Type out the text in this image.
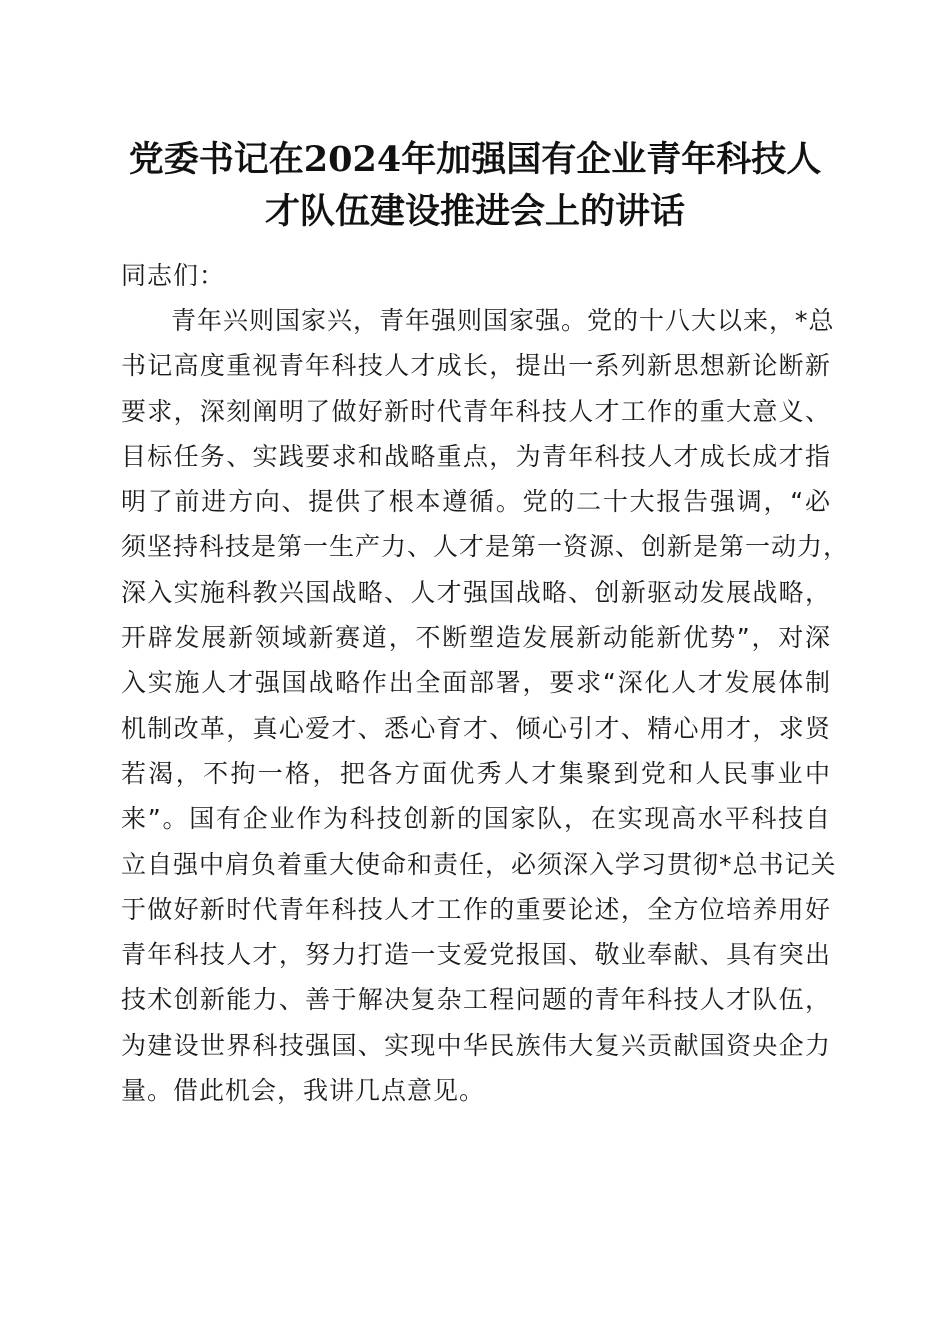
党委书记在2024年加强国有企业青年科技人
才队伍建设推进会上的讲话
同志们：
青年兴则国家兴，青年强则国家强。党的十八大以来，*总
书记高度重视青年科技人才成长，提出一系列新思想新论断新
要求，深刻阐明了做好新时代青年科技人才工作的重大意义、
目标任务、实践要求和战略重点，为青年科技人才成长成才指
明了前进方向、提供了根本遵循。党的二十大报告强调，“必
须坚持科技是第一生产力、人才是第一资源、创新是第一动力，
深入实施科教兴国战略、人才强国战略、创新驱动发展战略，
开辟发展新领域新赛道，不断塑造发展新动能新优势”，对深
入实施人才强国战略作出全面部署，要求“深化人才发展体制
机制改革，真心爱才、悉心育才、倾心引才、精心用才，求贤
若渴，不拘一格，把各方面优秀人才集聚到党和人民事业中
来”。国有企业作为科技创新的国家队，在实现高水平科技自
立自强中肩负着重大使命和责任，必须深入学习贯彻*总书记关
于做好新时代青年科技人才工作的重要论述，全方位培养用好
青年科技人才，努力打造一支爱党报国、敬业奉献、具有突出
技术创新能力、善于解决复杂工程问题的青年科技人才队伍，
为建设世界科技强国、实现中华民族伟大复兴贡献国资央企力
量。借此机会，我讲几点意见。
